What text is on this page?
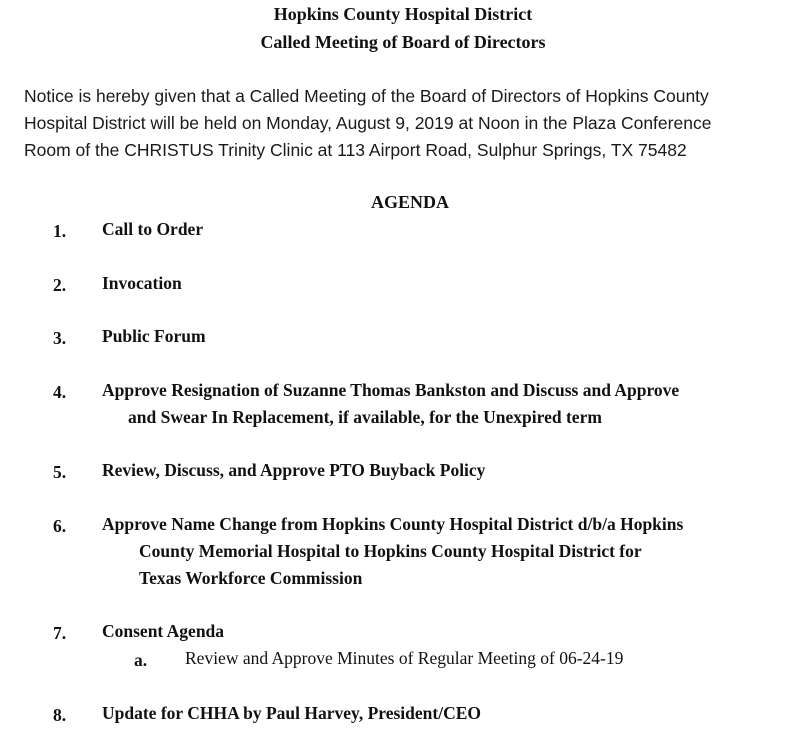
Hopkins County Hospital District
Called Meeting of Board of Directors
Notice is hereby given that a Called Meeting of the Board of Directors of Hopkins County
Hospital District will be held on Monday, August 9, 2019 at Noon in the Plaza Conference
Room of the CHRISTUS Trinity Clinic at 113 Airport Road, Sulphur Springs, TX 75482
AGENDA
1. Call to Order
2. Invocation
3. Public Forum
4. Approve Resignation of Suzanne Thomas Bankston and Discuss and Approve
and Swear In Replacement, if available, for the Unexpired term
5. Review, Discuss, and Approve PTO Buyback Policy
6. Approve Name Change from Hopkins County Hospital District d/b/a Hopkins
County Memorial Hospital to Hopkins County Hospital District for
Texas Workforce Commission
7. Consent Agenda
a. Review and Approve Minutes of Regular Meeting of 06-24-19
8. Update for CHHA by Paul Harvey, President/CEO
